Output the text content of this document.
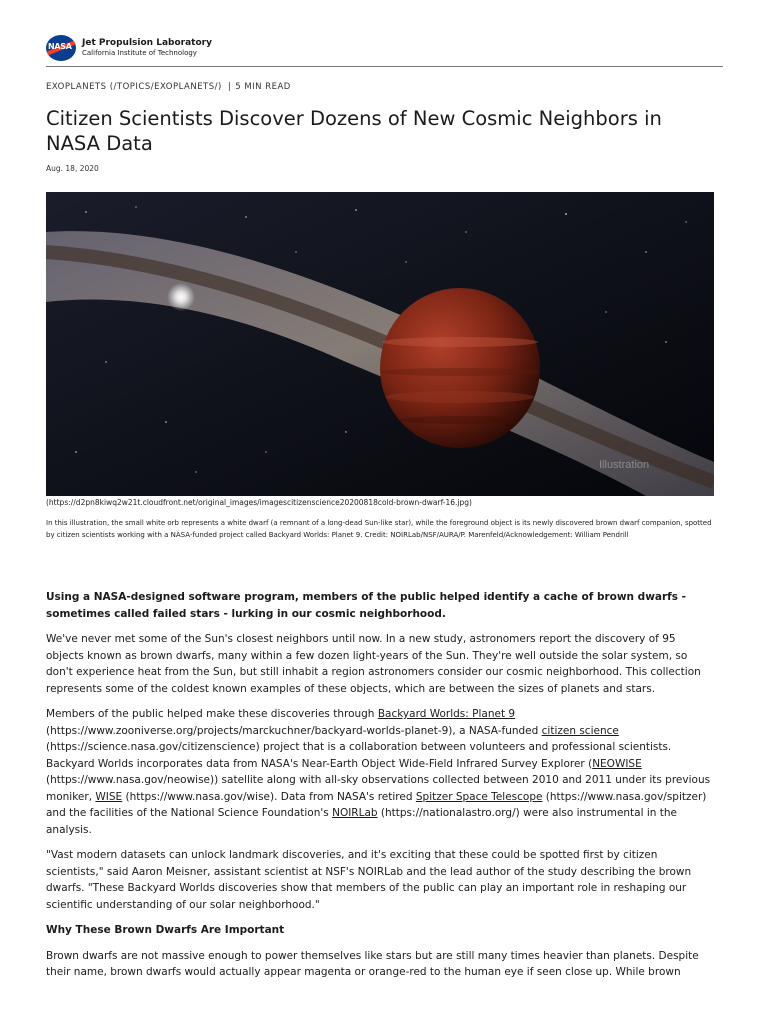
NASA Jet Propulsion Laboratory
California Institute of Technology
EXOPLANETS (/TOPICS/EXOPLANETS/) | 5 MIN READ
Citizen Scientists Discover Dozens of New Cosmic Neighbors in NASA Data
Aug. 18, 2020
Illustration
(https://d2pn8kiwq2w21t.cloudfront.net/original_images/imagescitizenscience20200818cold-brown-dwarf-16.jpg)
In this illustration, the small white orb represents a white dwarf (a remnant of a long-dead Sun-like star), while the foreground object is its newly discovered brown dwarf companion, spotted by citizen scientists working with a NASA-funded project called Backyard Worlds: Planet 9. Credit: NOIRLab/NSF/AURA/P. Marenfeld/Acknowledgement: William Pendrill

Using a NASA-designed software program, members of the public helped identify a cache of brown dwarfs - sometimes called failed stars - lurking in our cosmic neighborhood.

We've never met some of the Sun's closest neighbors until now. In a new study, astronomers report the discovery of 95 objects known as brown dwarfs, many within a few dozen light-years of the Sun. They're well outside the solar system, so don't experience heat from the Sun, but still inhabit a region astronomers consider our cosmic neighborhood. This collection represents some of the coldest known examples of these objects, which are between the sizes of planets and stars.

Members of the public helped make these discoveries through Backyard Worlds: Planet 9 (https://www.zooniverse.org/projects/marckuchner/backyard-worlds-planet-9), a NASA-funded citizen science (https://science.nasa.gov/citizenscience) project that is a collaboration between volunteers and professional scientists. Backyard Worlds incorporates data from NASA's Near-Earth Object Wide-Field Infrared Survey Explorer (NEOWISE (https://www.nasa.gov/neowise)) satellite along with all-sky observations collected between 2010 and 2011 under its previous moniker, WISE (https://www.nasa.gov/wise). Data from NASA's retired Spitzer Space Telescope (https://www.nasa.gov/spitzer) and the facilities of the National Science Foundation's NOIRLab (https://nationalastro.org/) were also instrumental in the analysis.

"Vast modern datasets can unlock landmark discoveries, and it's exciting that these could be spotted first by citizen scientists," said Aaron Meisner, assistant scientist at NSF's NOIRLab and the lead author of the study describing the brown dwarfs. "These Backyard Worlds discoveries show that members of the public can play an important role in reshaping our scientific understanding of our solar neighborhood."

Why These Brown Dwarfs Are Important

Brown dwarfs are not massive enough to power themselves like stars but are still many times heavier than planets. Despite their name, brown dwarfs would actually appear magenta or orange-red to the human eye if seen close up. While brown
